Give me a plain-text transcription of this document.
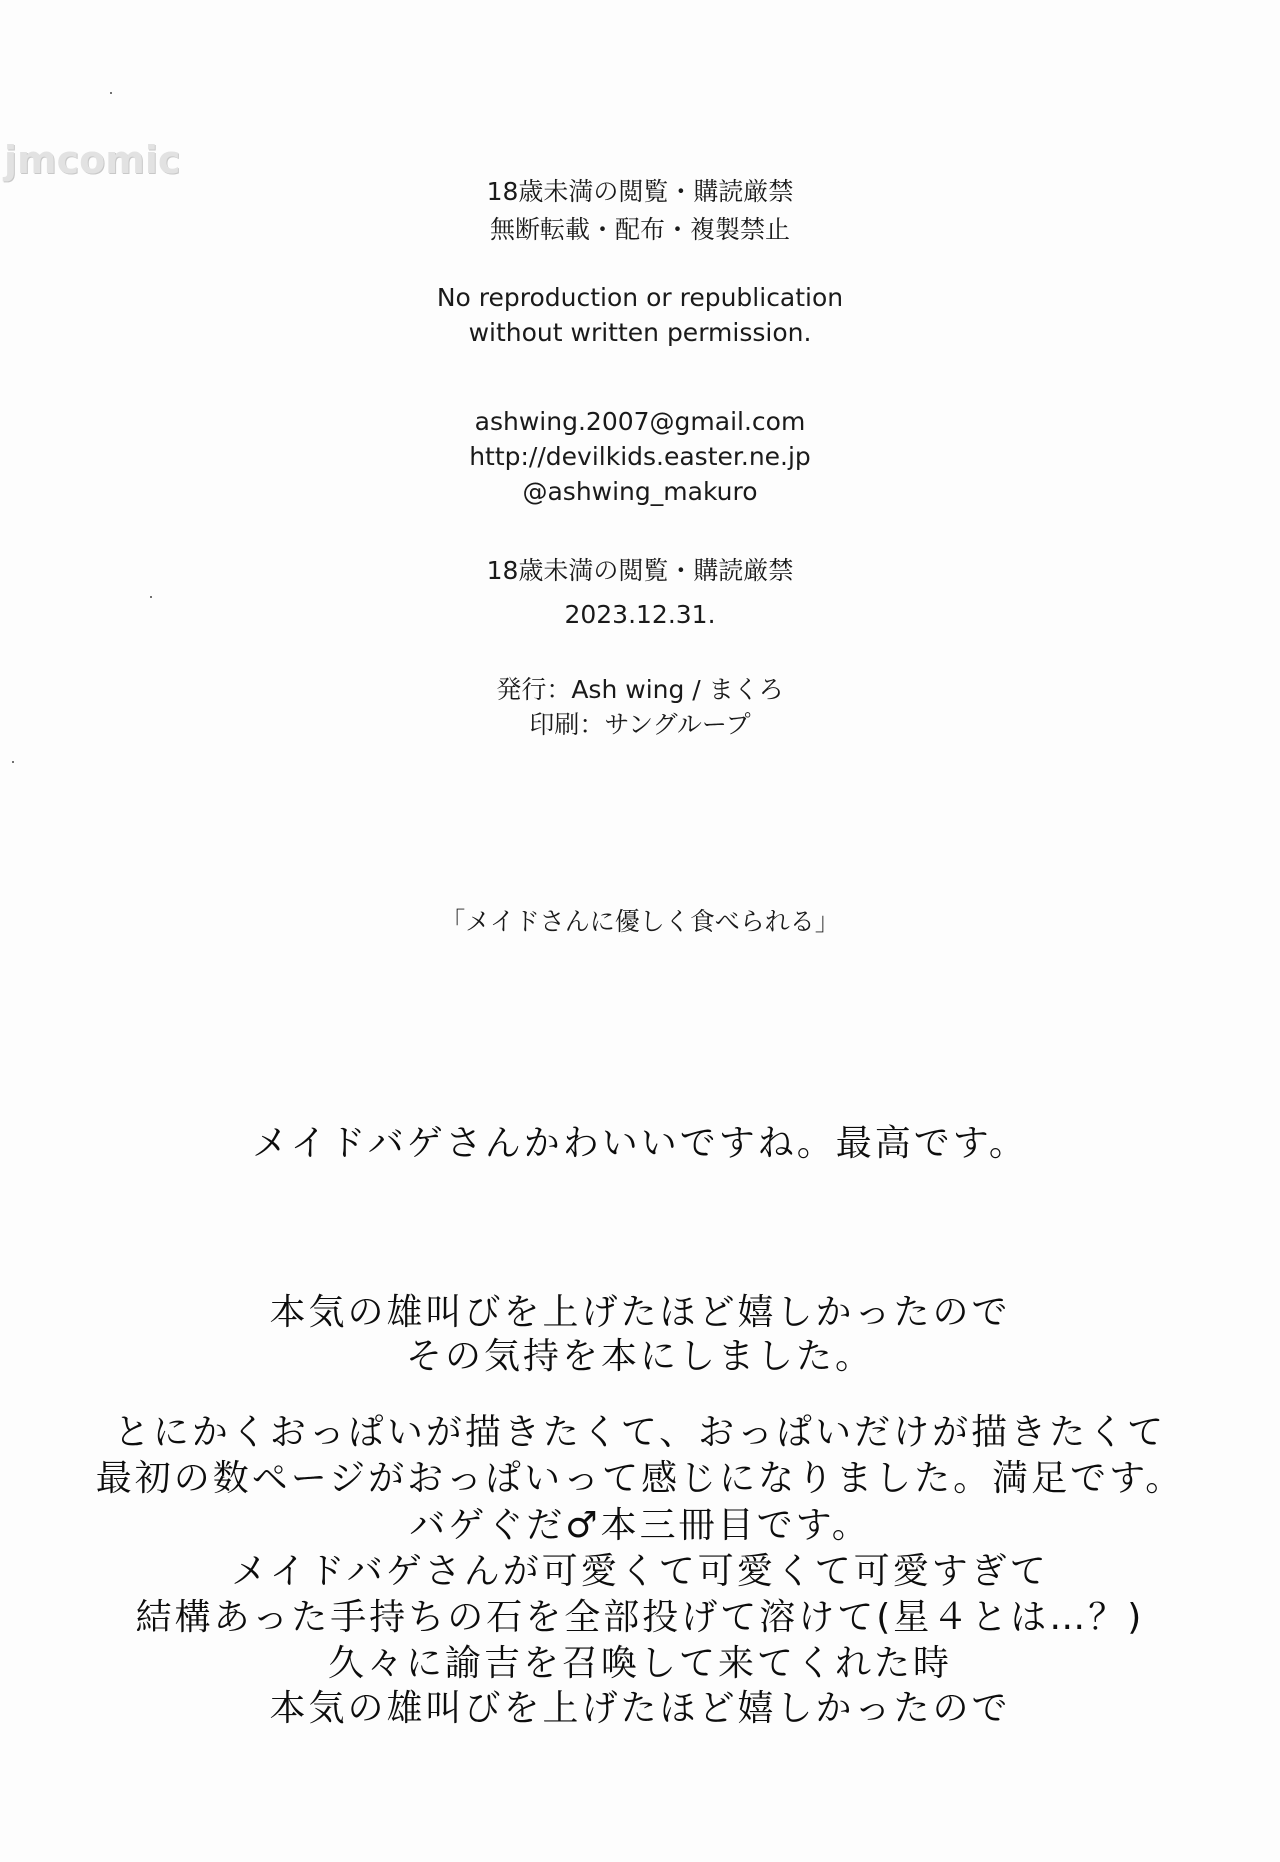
jmcomic
18歳未満の閲覧・購読厳禁
無断転載・配布・複製禁止
No reproduction or republication
without written permission.
ashwing.2007@gmail.com
http://devilkids.easter.ne.jp
@ashwing_makuro
18歳未満の閲覧・購読厳禁
2023.12.31.
発行：Ash wing / まくろ
印刷：サングループ
「メイドさんに優しく食べられる」
メイドバゲさんかわいいですね。最高です。
本気の雄叫びを上げたほど嬉しかったので
その気持を本にしました。
とにかくおっぱいが描きたくて、おっぱいだけが描きたくて
最初の数ページがおっぱいって感じになりました。満足です。
バゲぐだ♂本三冊目です。
メイドバゲさんが可愛くて可愛くて可愛すぎて
結構あった手持ちの石を全部投げて溶けて(星４とは…？)
久々に諭吉を召喚して来てくれた時
本気の雄叫びを上げたほど嬉しかったので
